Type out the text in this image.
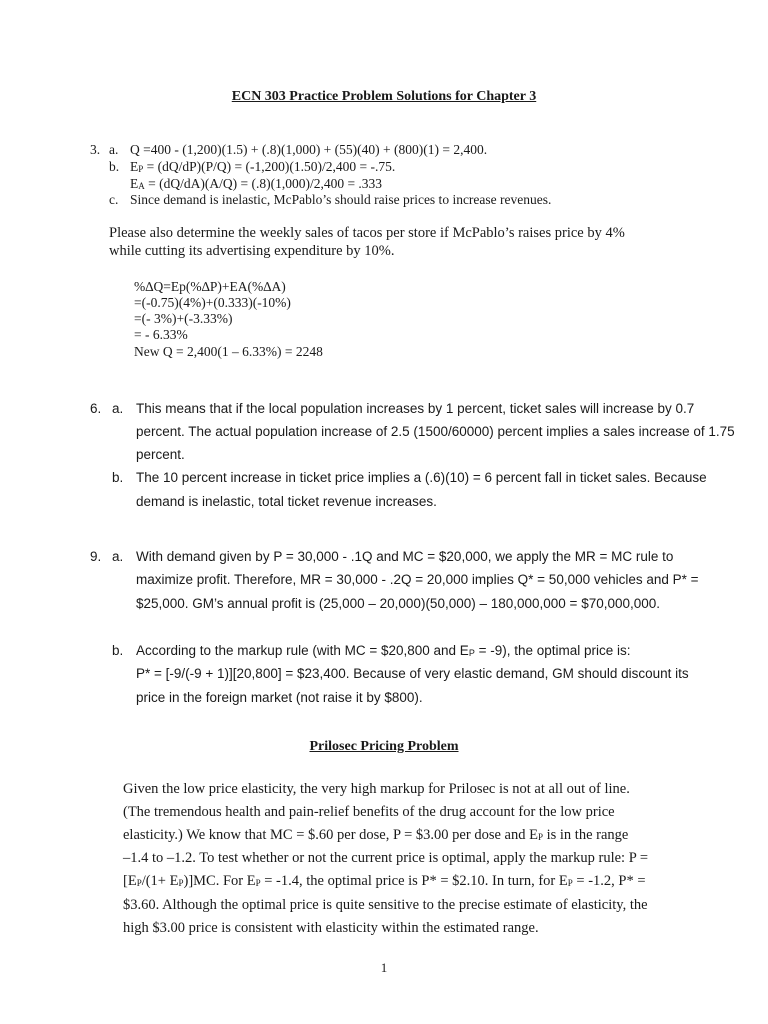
ECN 303 Practice Problem Solutions for Chapter 3
3. a. Q =400 - (1,200)(1.5) + (.8)(1,000) + (55)(40) + (800)(1) = 2,400.
b. EP = (dQ/dP)(P/Q) = (-1,200)(1.50)/2,400 = -.75.
EA = (dQ/dA)(A/Q) = (.8)(1,000)/2,400 = .333
c. Since demand is inelastic, McPablo’s should raise prices to increase revenues.
Please also determine the weekly sales of tacos per store if McPablo’s raises price by 4%
while cutting its advertising expenditure by 10%.
%∆Q=Ep(%∆P)+EA(%∆A)
=(-0.75)(4%)+(0.333)(-10%)
=(- 3%)+(-3.33%)
= - 6.33%
New Q = 2,400(1 – 6.33%) = 2248
6. a. This means that if the local population increases by 1 percent, ticket sales will increase by 0.7
percent. The actual population increase of 2.5 (1500/60000) percent implies a sales increase of 1.75
percent.
b. The 10 percent increase in ticket price implies a (.6)(10) = 6 percent fall in ticket sales. Because
demand is inelastic, total ticket revenue increases.
9. a. With demand given by P = 30,000 - .1Q and MC = $20,000, we apply the MR = MC rule to
maximize profit. Therefore, MR = 30,000 - .2Q = 20,000 implies Q* = 50,000 vehicles and P* =
$25,000. GM’s annual profit is (25,000 – 20,000)(50,000) – 180,000,000 = $70,000,000.
b. According to the markup rule (with MC = $20,800 and EP = -9), the optimal price is:
P* = [-9/(-9 + 1)][20,800] = $23,400. Because of very elastic demand, GM should discount its
price in the foreign market (not raise it by $800).
Prilosec Pricing Problem
Given the low price elasticity, the very high markup for Prilosec is not at all out of line.
(The tremendous health and pain-relief benefits of the drug account for the low price
elasticity.) We know that MC = $.60 per dose, P = $3.00 per dose and EP is in the range
–1.4 to –1.2. To test whether or not the current price is optimal, apply the markup rule: P =
[EP/(1+ EP)]MC. For EP = -1.4, the optimal price is P* = $2.10. In turn, for EP = -1.2, P* =
$3.60. Although the optimal price is quite sensitive to the precise estimate of elasticity, the
high $3.00 price is consistent with elasticity within the estimated range.
1
